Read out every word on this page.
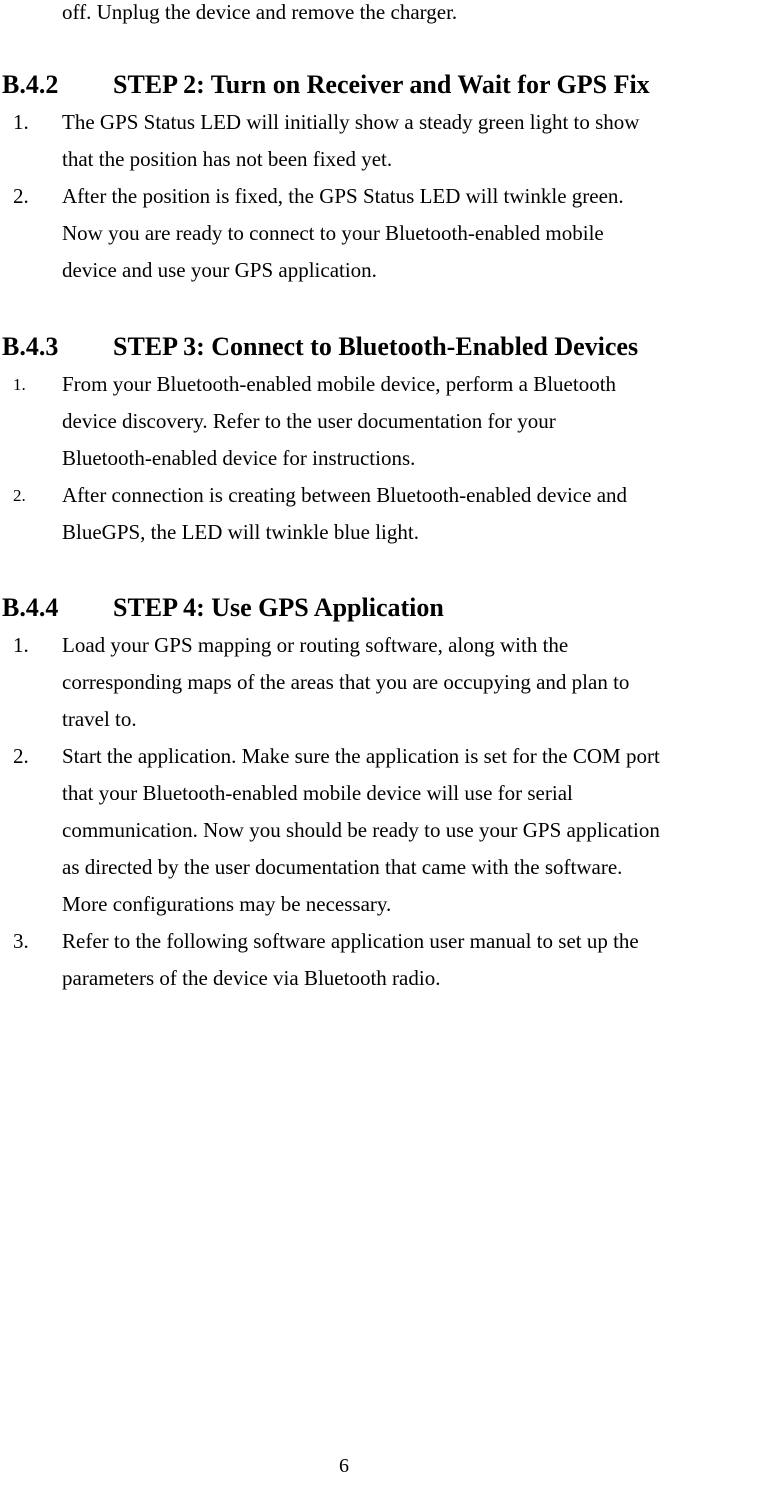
off. Unplug the device and remove the charger.
B.4.2 STEP 2: Turn on Receiver and Wait for GPS Fix
1. The GPS Status LED will initially show a steady green light to show
that the position has not been fixed yet.
2. After the position is fixed, the GPS Status LED will twinkle green.
Now you are ready to connect to your Bluetooth-enabled mobile
device and use your GPS application.
B.4.3 STEP 3: Connect to Bluetooth-Enabled Devices
1. From your Bluetooth-enabled mobile device, perform a Bluetooth
device discovery. Refer to the user documentation for your
Bluetooth-enabled device for instructions.
2. After connection is creating between Bluetooth-enabled device and
BlueGPS, the LED will twinkle blue light.
B.4.4 STEP 4: Use GPS Application
1. Load your GPS mapping or routing software, along with the
corresponding maps of the areas that you are occupying and plan to
travel to.
2. Start the application. Make sure the application is set for the COM port
that your Bluetooth-enabled mobile device will use for serial
communication. Now you should be ready to use your GPS application
as directed by the user documentation that came with the software.
More configurations may be necessary.
3. Refer to the following software application user manual to set up the
parameters of the device via Bluetooth radio.
6
